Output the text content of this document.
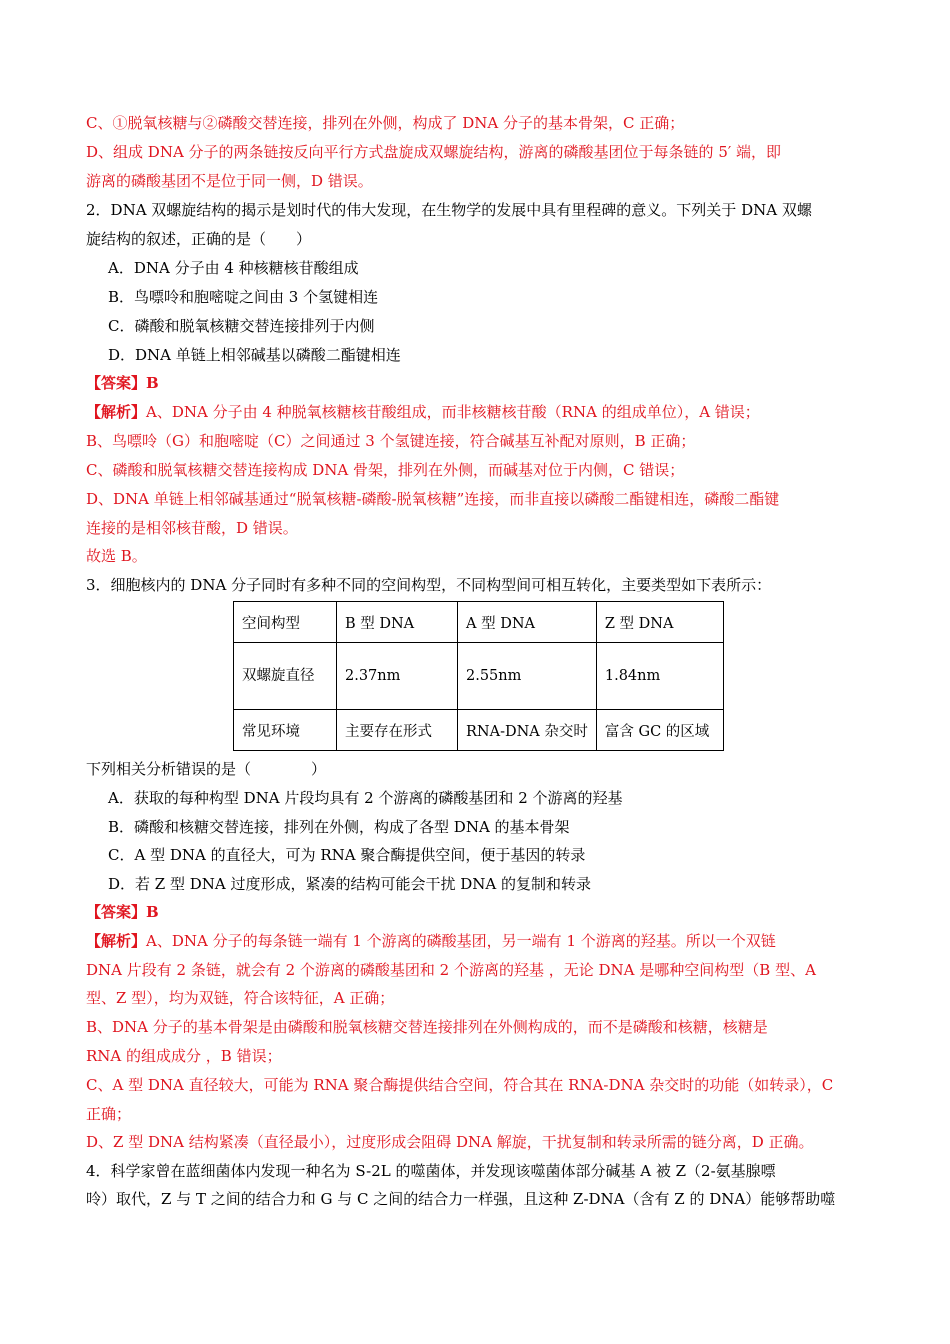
C、①脱氧核糖与②磷酸交替连接，排列在外侧，构成了 DNA 分子的基本骨架，C 正确；
D、组成 DNA 分子的两条链按反向平行方式盘旋成双螺旋结构，游离的磷酸基团位于每条链的 5′ 端，即
游离的磷酸基团不是位于同一侧，D 错误。
2．DNA 双螺旋结构的揭示是划时代的伟大发现，在生物学的发展中具有里程碑的意义。下列关于 DNA 双螺
旋结构的叙述，正确的是（　　）
A．DNA 分子由 4 种核糖核苷酸组成
B．鸟嘌呤和胞嘧啶之间由 3 个氢键相连
C．磷酸和脱氧核糖交替连接排列于内侧
D．DNA 单链上相邻碱基以磷酸二酯键相连
【答案】B
【解析】A、DNA 分子由 4 种脱氧核糖核苷酸组成，而非核糖核苷酸（RNA 的组成单位），A 错误；
B、鸟嘌呤（G）和胞嘧啶（C）之间通过 3 个氢键连接，符合碱基互补配对原则，B 正确；
C、磷酸和脱氧核糖交替连接构成 DNA 骨架，排列在外侧，而碱基对位于内侧，C 错误；
D、DNA 单链上相邻碱基通过“脱氧核糖-磷酸-脱氧核糖”连接，而非直接以磷酸二酯键相连，磷酸二酯键
连接的是相邻核苷酸，D 错误。
故选 B。
3．细胞核内的 DNA 分子同时有多种不同的空间构型，不同构型间可相互转化，主要类型如下表所示：
空间构型	B 型 DNA	A 型 DNA	Z 型 DNA
双螺旋直径	2.37nm	2.55nm	1.84nm
常见环境	主要存在形式	RNA-DNA 杂交时	富含 GC 的区域
下列相关分析错误的是（　　　　）
A．获取的每种构型 DNA 片段均具有 2 个游离的磷酸基团和 2 个游离的羟基
B．磷酸和核糖交替连接，排列在外侧，构成了各型 DNA 的基本骨架
C．A 型 DNA 的直径大，可为 RNA 聚合酶提供空间，便于基因的转录
D．若 Z 型 DNA 过度形成，紧凑的结构可能会干扰 DNA 的复制和转录
【答案】B
【解析】A、DNA 分子的每条链一端有 1 个游离的磷酸基团，另一端有 1 个游离的羟基。所以一个双链
DNA 片段有 2 条链，就会有 2 个游离的磷酸基团和 2 个游离的羟基 ，无论 DNA 是哪种空间构型（B 型、A
型、Z 型），均为双链，符合该特征，A 正确；
B、DNA 分子的基本骨架是由磷酸和脱氧核糖交替连接排列在外侧构成的，而不是磷酸和核糖，核糖是
RNA 的组成成分 ，B 错误；
C、A 型 DNA 直径较大，可能为 RNA 聚合酶提供结合空间，符合其在 RNA-DNA 杂交时的功能（如转录），C
正确；
D、Z 型 DNA 结构紧凑（直径最小），过度形成会阻碍 DNA 解旋，干扰复制和转录所需的链分离，D 正确。
4．科学家曾在蓝细菌体内发现一种名为 S-2L 的噬菌体，并发现该噬菌体部分碱基 A 被 Z（2-氨基腺嘌
呤）取代，Z 与 T 之间的结合力和 G 与 C 之间的结合力一样强，且这种 Z-DNA（含有 Z 的 DNA）能够帮助噬
